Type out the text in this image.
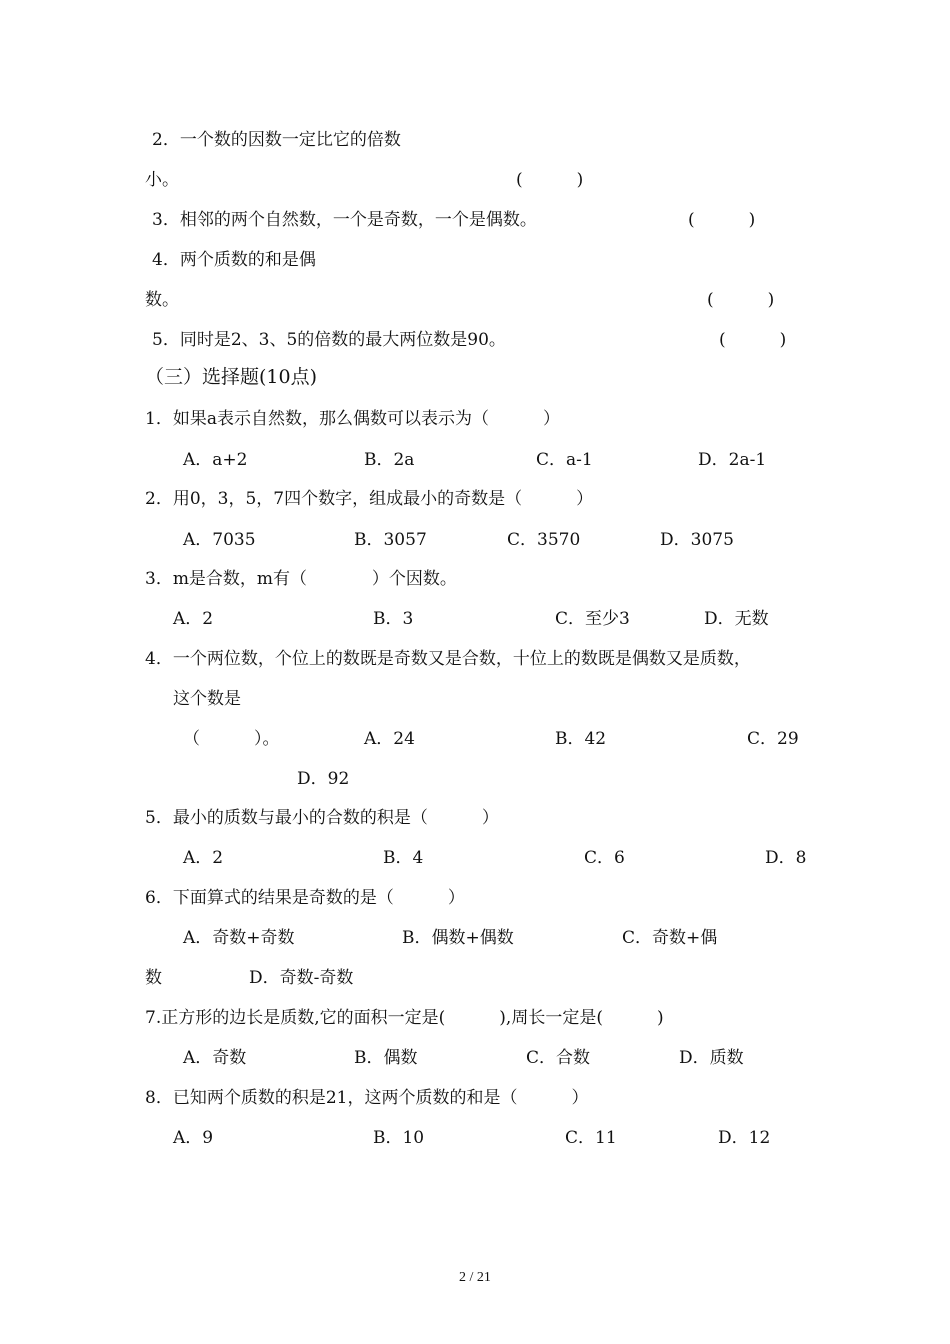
2．一个数的因数一定比它的倍数
小。	(          )
3．相邻的两个自然数，一个是奇数，一个是偶数。	(          )
4．两个质数的和是偶
数。	(          )
5．同时是2、3、5的倍数的最大两位数是90。	(          )
（三）选择题(10点)
1．如果a表示自然数，那么偶数可以表示为（          ）
A．a+2	B．2a	C．a-1	D．2a-1
2．用0，3，5，7四个数字，组成最小的奇数是（          ）
A．7035	B．3057	C．3570	D．3075
3．m是合数，m有（            ）个因数。
A．2	B．3	C．至少3	D．无数
4．一个两位数，个位上的数既是奇数又是合数，十位上的数既是偶数又是质数，
这个数是
（          ）。	A．24	B．42	C．29
D．92
5．最小的质数与最小的合数的积是（          ）
A．2	B．4	C．6	D．8
6．下面算式的结果是奇数的是（          ）
A．奇数+奇数	B．偶数+偶数	C．奇数+偶
数	D．奇数-奇数
7.正方形的边长是质数,它的面积一定是(          ),周长一定是(          )
A．奇数	B．偶数	C．合数	D．质数
8．已知两个质数的积是21，这两个质数的和是（          ）
A．9	B．10	C．11	D．12
2 / 21
